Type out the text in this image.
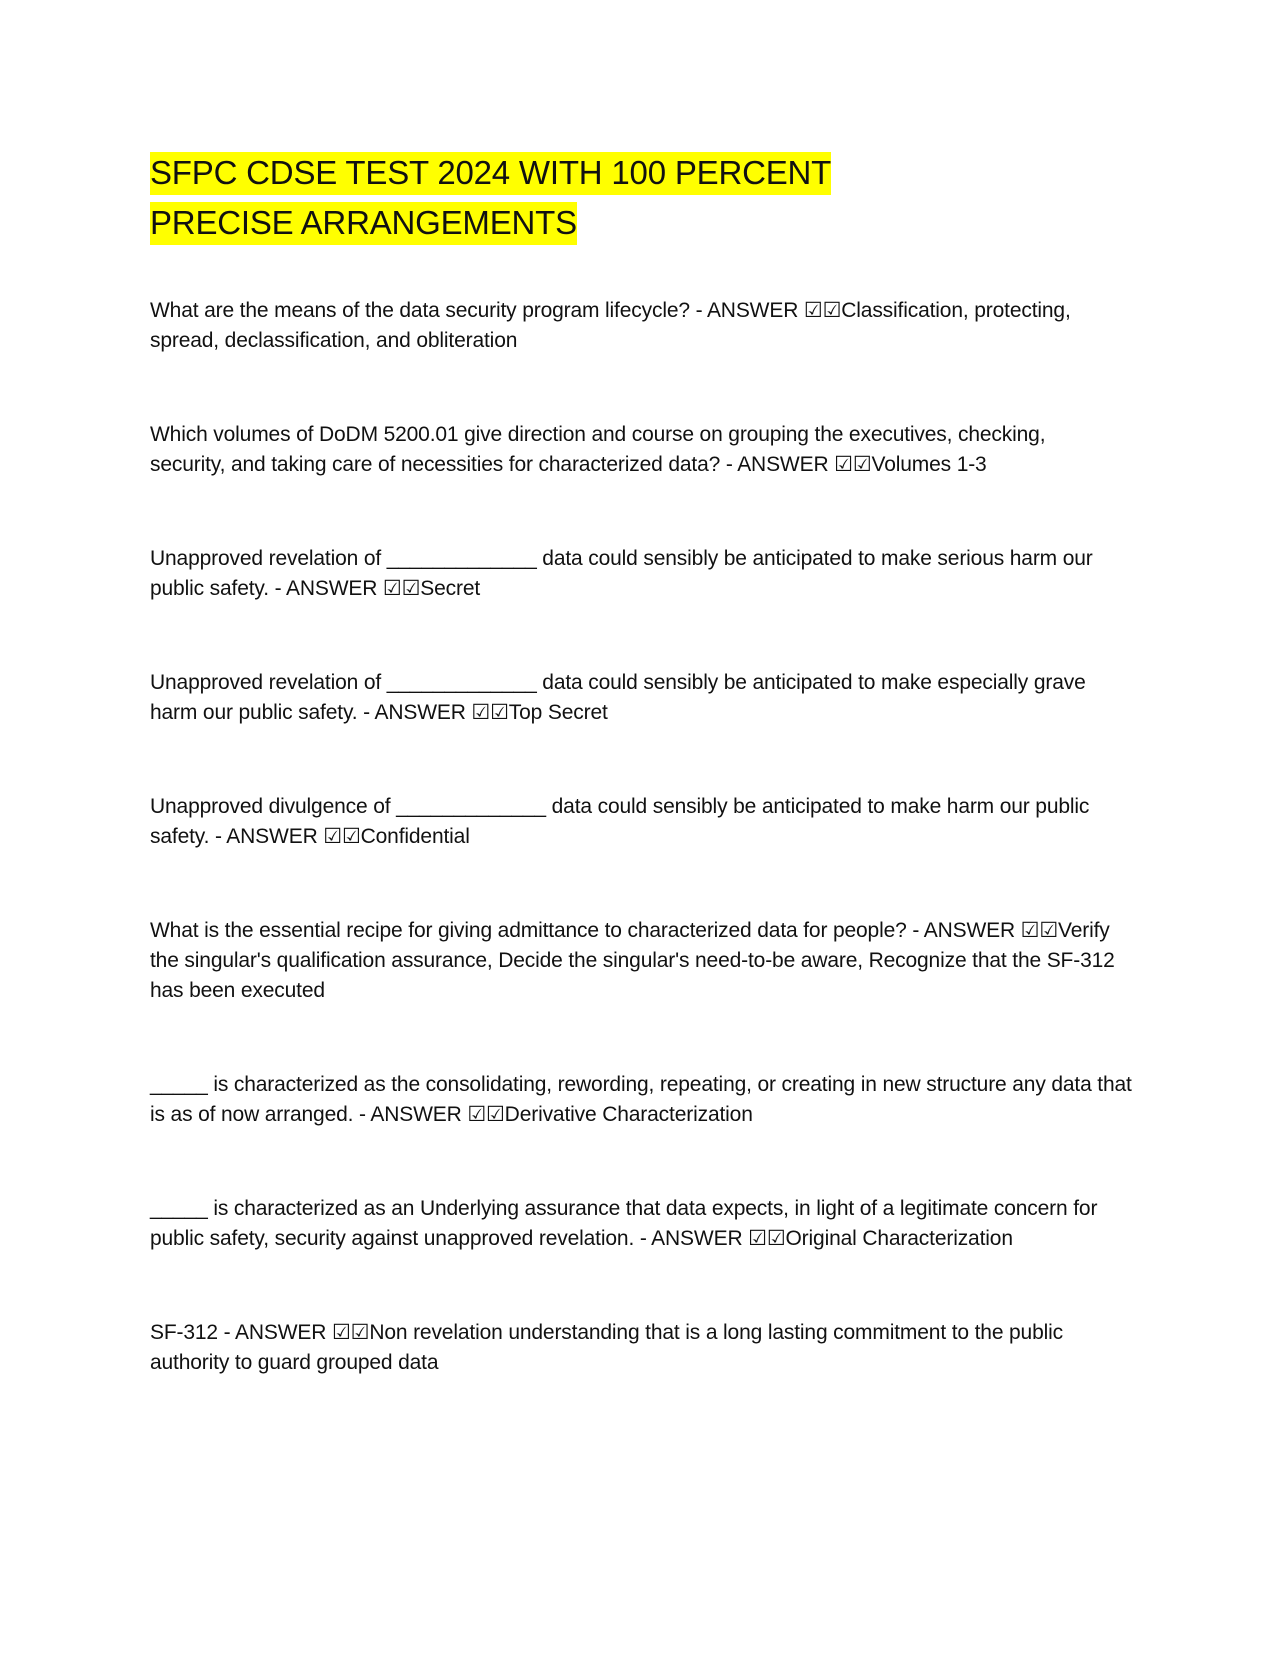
SFPC CDSE TEST 2024 WITH 100 PERCENT PRECISE ARRANGEMENTS

What are the means of the data security program lifecycle? - ANSWER ☑☑Classification, protecting, spread, declassification, and obliteration

Which volumes of DoDM 5200.01 give direction and course on grouping the executives, checking, security, and taking care of necessities for characterized data? - ANSWER ☑☑Volumes 1-3

Unapproved revelation of _____________ data could sensibly be anticipated to make serious harm our public safety. - ANSWER ☑☑Secret

Unapproved revelation of _____________ data could sensibly be anticipated to make especially grave harm our public safety. - ANSWER ☑☑Top Secret

Unapproved divulgence of _____________ data could sensibly be anticipated to make harm our public safety. - ANSWER ☑☑Confidential

What is the essential recipe for giving admittance to characterized data for people? - ANSWER ☑☑Verify the singular's qualification assurance, Decide the singular's need-to-be aware, Recognize that the SF-312 has been executed

_____ is characterized as the consolidating, rewording, repeating, or creating in new structure any data that is as of now arranged. - ANSWER ☑☑Derivative Characterization

_____ is characterized as an Underlying assurance that data expects, in light of a legitimate concern for public safety, security against unapproved revelation. - ANSWER ☑☑Original Characterization

SF-312 - ANSWER ☑☑Non revelation understanding that is a long lasting commitment to the public authority to guard grouped data
